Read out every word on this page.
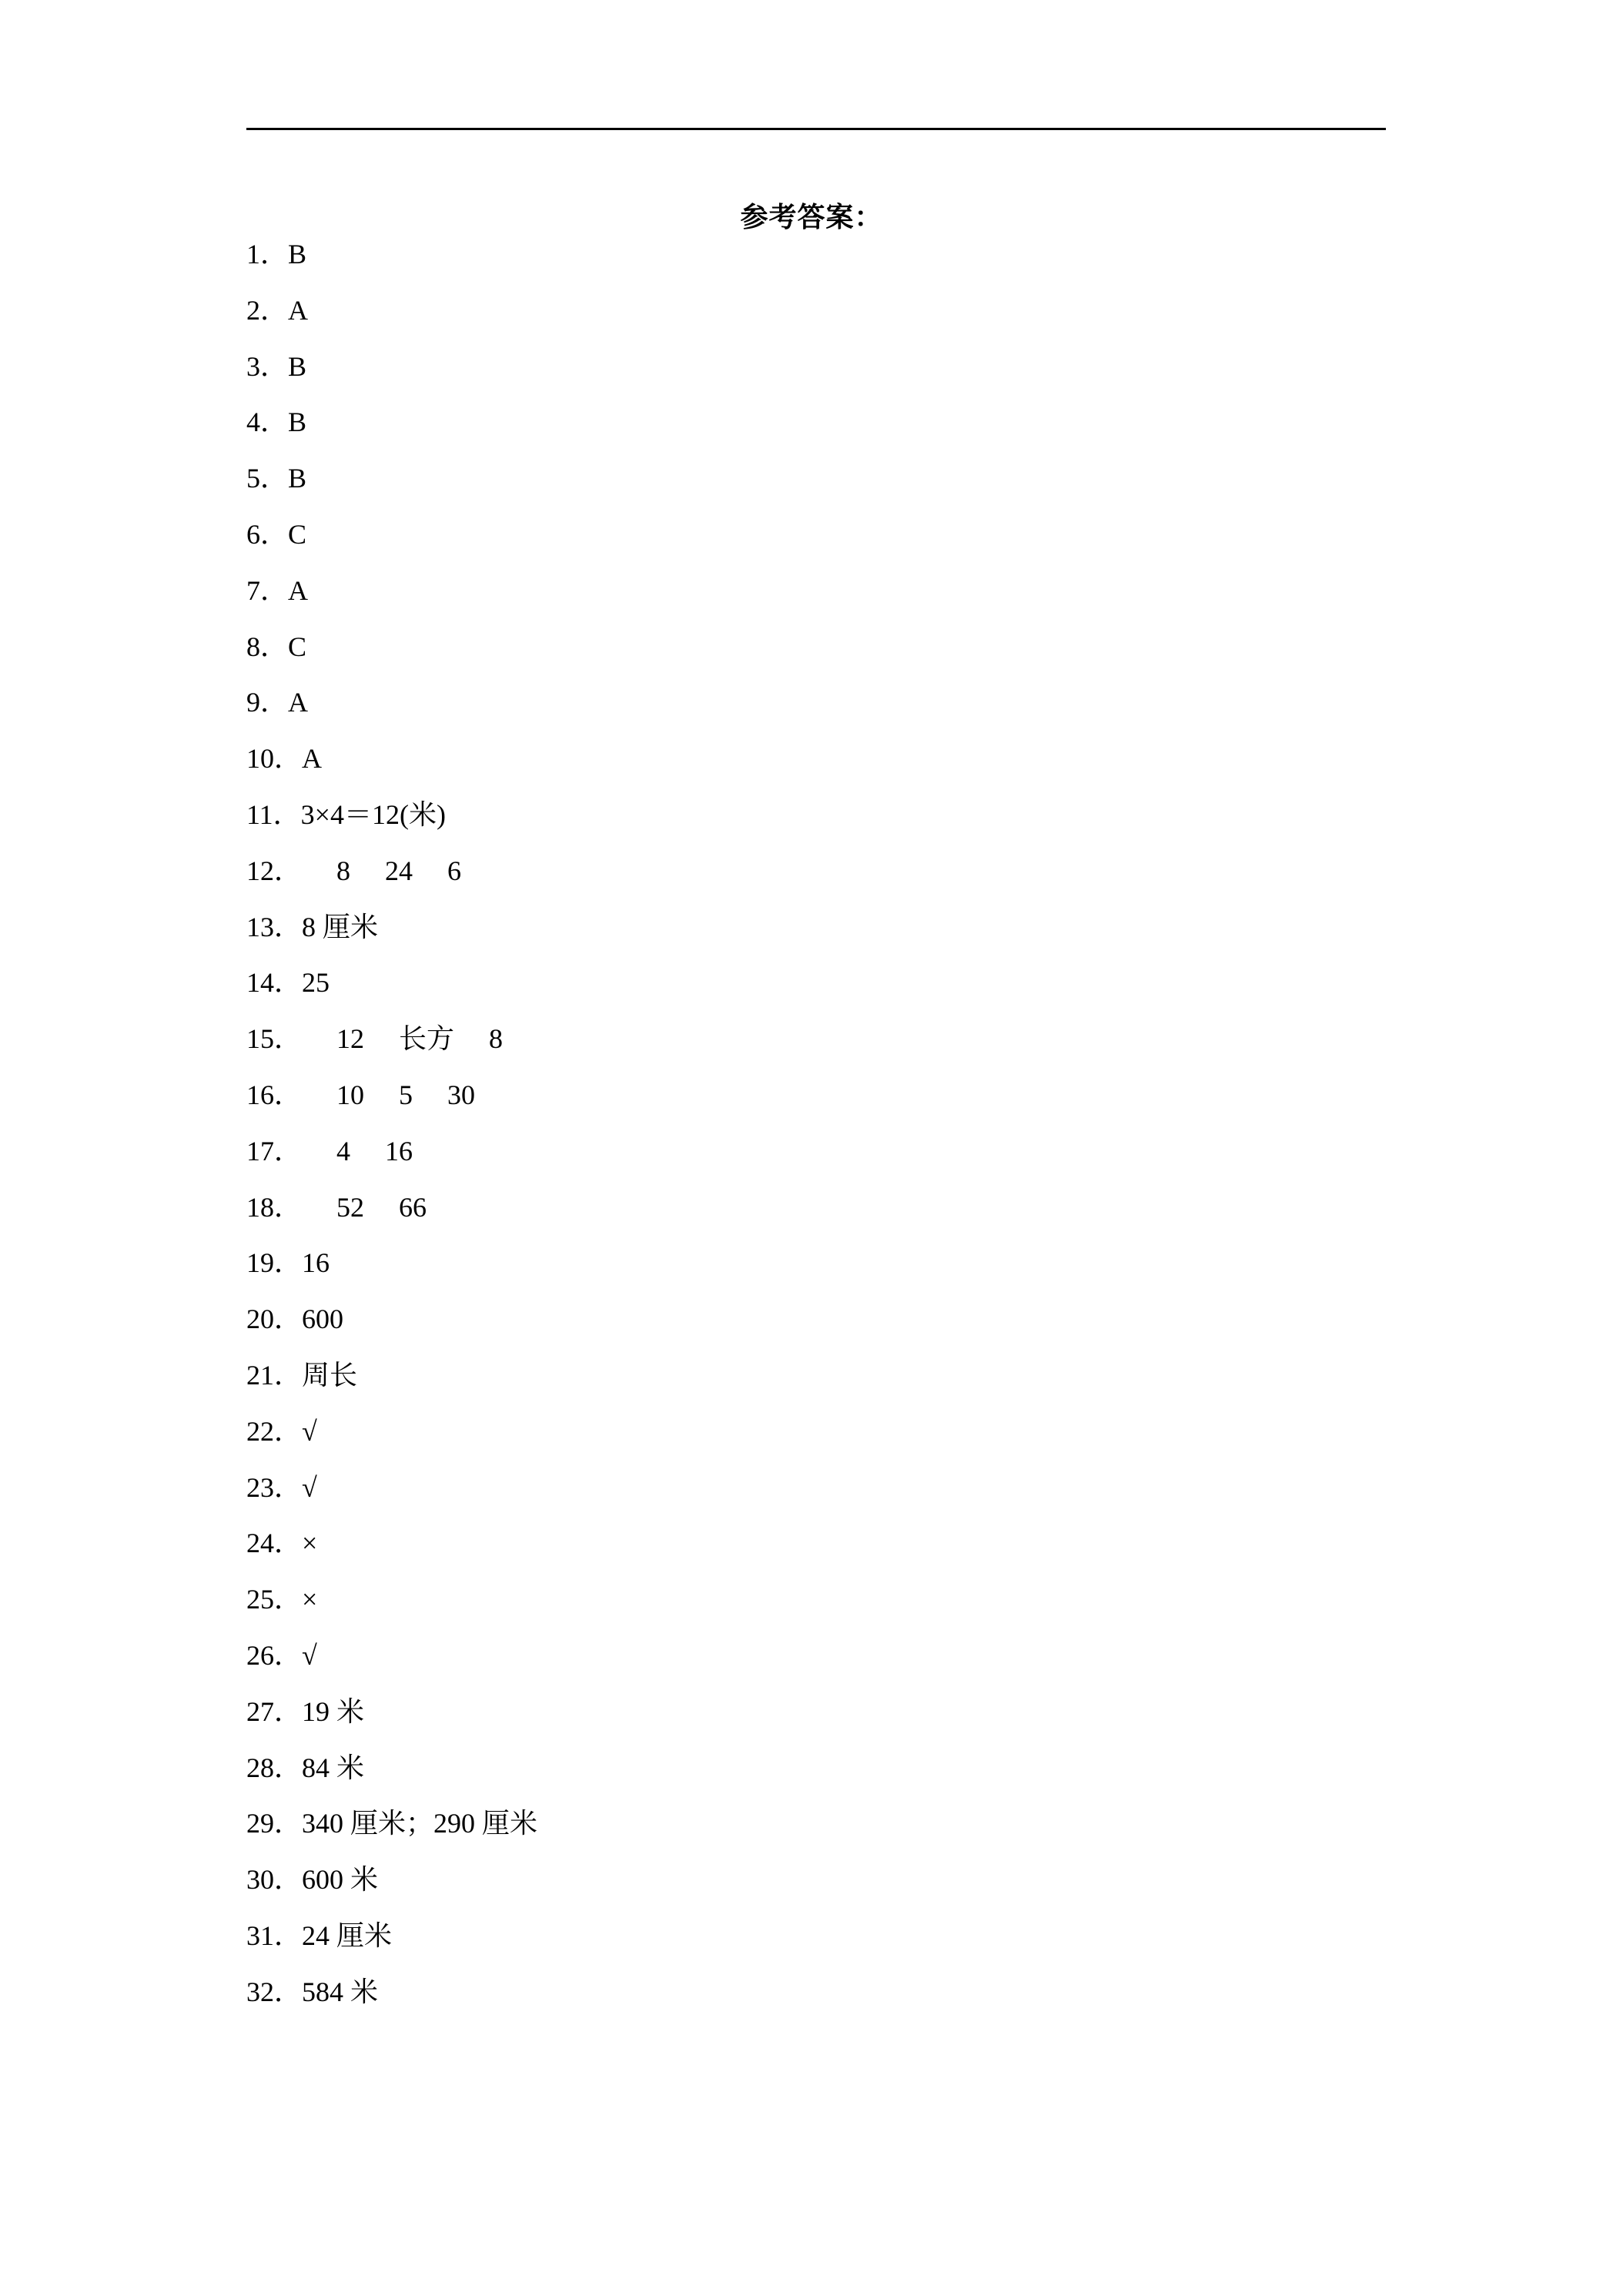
参考答案：
1．B
2．A
3．B
4．B
5．B
6．C
7．A
8．C
9．A
10．A
11．3×4＝12(米)
12．     8     24     6
13．8 厘米
14．25
15．     12     长方     8
16．     10     5     30
17．     4     16
18．     52     66
19．16
20．600
21．周长
22．√
23．√
24．×
25．×
26．√
27．19 米
28．84 米
29．340 厘米；290 厘米
30．600 米
31．24 厘米
32．584 米
